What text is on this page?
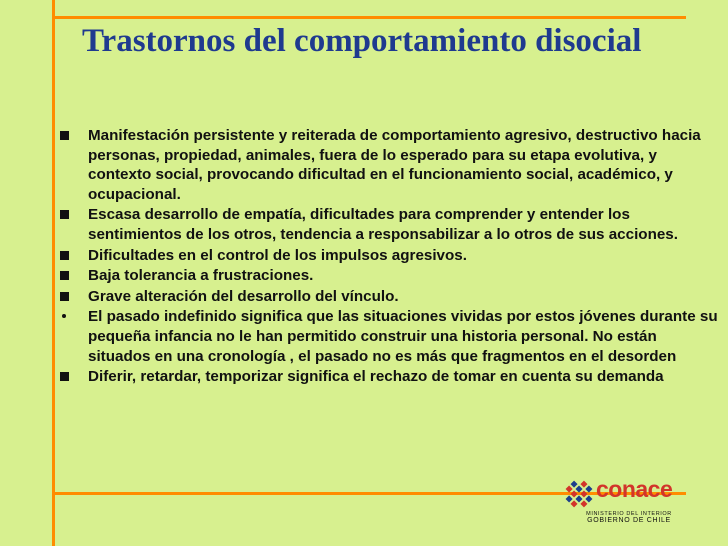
Trastornos del comportamiento disocial
Manifestación persistente y reiterada de comportamiento agresivo, destructivo hacia personas, propiedad, animales, fuera de lo esperado para su etapa evolutiva, y contexto social, provocando dificultad en el funcionamiento social, académico, y ocupacional.
Escasa desarrollo de empatía, dificultades para comprender y entender los sentimientos de los otros, tendencia a responsabilizar a lo otros de sus acciones.
Dificultades en el control de los impulsos agresivos.
Baja tolerancia a frustraciones.
Grave alteración del desarrollo del vínculo.
El pasado indefinido significa que las situaciones vividas por estos jóvenes durante su pequeña infancia no le han permitido construir una historia personal. No están situados en una cronología , el pasado no es más que fragmentos en el desorden
Diferir, retardar, temporizar significa el rechazo de tomar en cuenta su demanda
conace
MINISTERIO DEL INTERIOR
GOBIERNO DE CHILE
